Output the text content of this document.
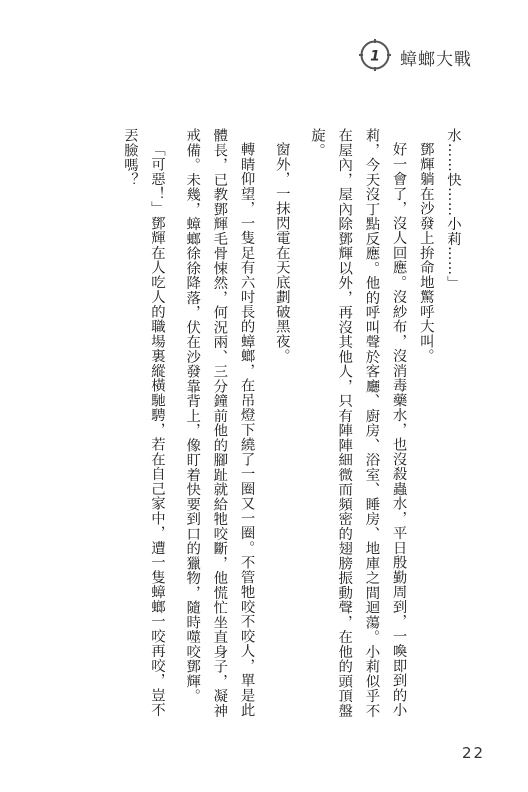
1 蟑螂大戰

水……快……小莉……」

鄧輝躺在沙發上拚命地驚呼大叫。

好一會了，沒人回應。沒紗布，沒消毒藥水，也沒殺蟲水，平日殷勤周到，一喚即到的小莉，今天沒丁點反應。他的呼叫聲於客廳、廚房、浴室、睡房、地庫之間迴蕩。小莉似乎不在屋內，屋內除鄧輝以外，再沒其他人，只有陣陣細微而頻密的翅膀振動聲，在他的頭頂盤旋。

窗外，一抹閃電在天底劃破黑夜。

轉睛仰望，一隻足有六吋長的蟑螂，在吊燈下繞了一圈又一圈。不管牠咬不咬人，單是此體長，已教鄧輝毛骨悚然，何況兩、三分鐘前他的腳趾就給牠咬斷，他慌忙坐直身子，凝神戒備。未幾，蟑螂徐徐降落，伏在沙發靠背上，像盯着快要到口的獵物，隨時噬咬鄧輝。

「可惡！」鄧輝在人吃人的職場裏縱橫馳騁，若在自己家中，遭一隻蟑螂一咬再咬，豈不丟臉嗎？

22
